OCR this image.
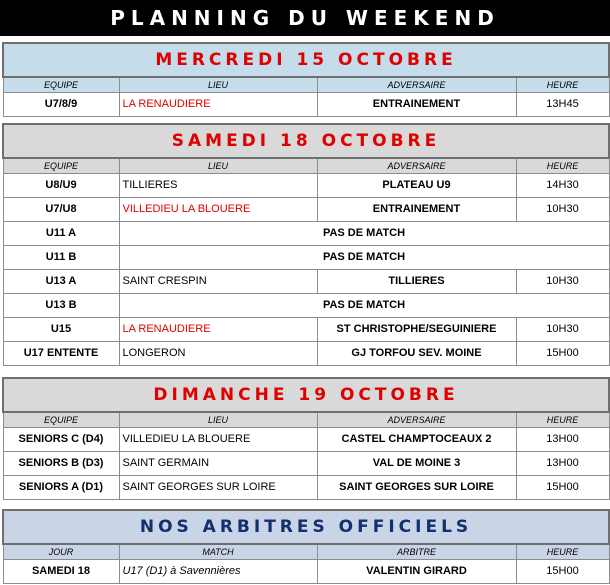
PLANNING DU WEEKEND
MERCREDI 15 OCTOBRE			
EQUIPE	LIEU	ADVERSAIRE	HEURE
U7/8/9	LA RENAUDIERE	ENTRAINEMENT	13H45
SAMEDI 18 OCTOBRE			
EQUIPE	LIEU	ADVERSAIRE	HEURE
U8/U9	TILLIERES	PLATEAU U9	14H30
U7/U8	VILLEDIEU LA BLOUERE	ENTRAINEMENT	10H30
U11 A	PAS DE MATCH		
U11 B	PAS DE MATCH		
U13 A	SAINT CRESPIN	TILLIERES	10H30
U13 B	PAS DE MATCH		
U15	LA RENAUDIERE	ST CHRISTOPHE/SEGUINIERE	10H30
U17 ENTENTE	LONGERON	GJ TORFOU SEV. MOINE	15H00
DIMANCHE 19 OCTOBRE			
EQUIPE	LIEU	ADVERSAIRE	HEURE
SENIORS C (D4)	VILLEDIEU LA BLOUERE	CASTEL CHAMPTOCEAUX 2	13H00
SENIORS B (D3)	SAINT GERMAIN	VAL DE MOINE 3	13H00
SENIORS A (D1)	SAINT GEORGES SUR LOIRE	SAINT GEORGES SUR LOIRE	15H00
NOS ARBITRES OFFICIELS			
JOUR	MATCH	ARBITRE	HEURE
SAMEDI 18	U17 (D1) à Savennières	VALENTIN GIRARD	15H00
